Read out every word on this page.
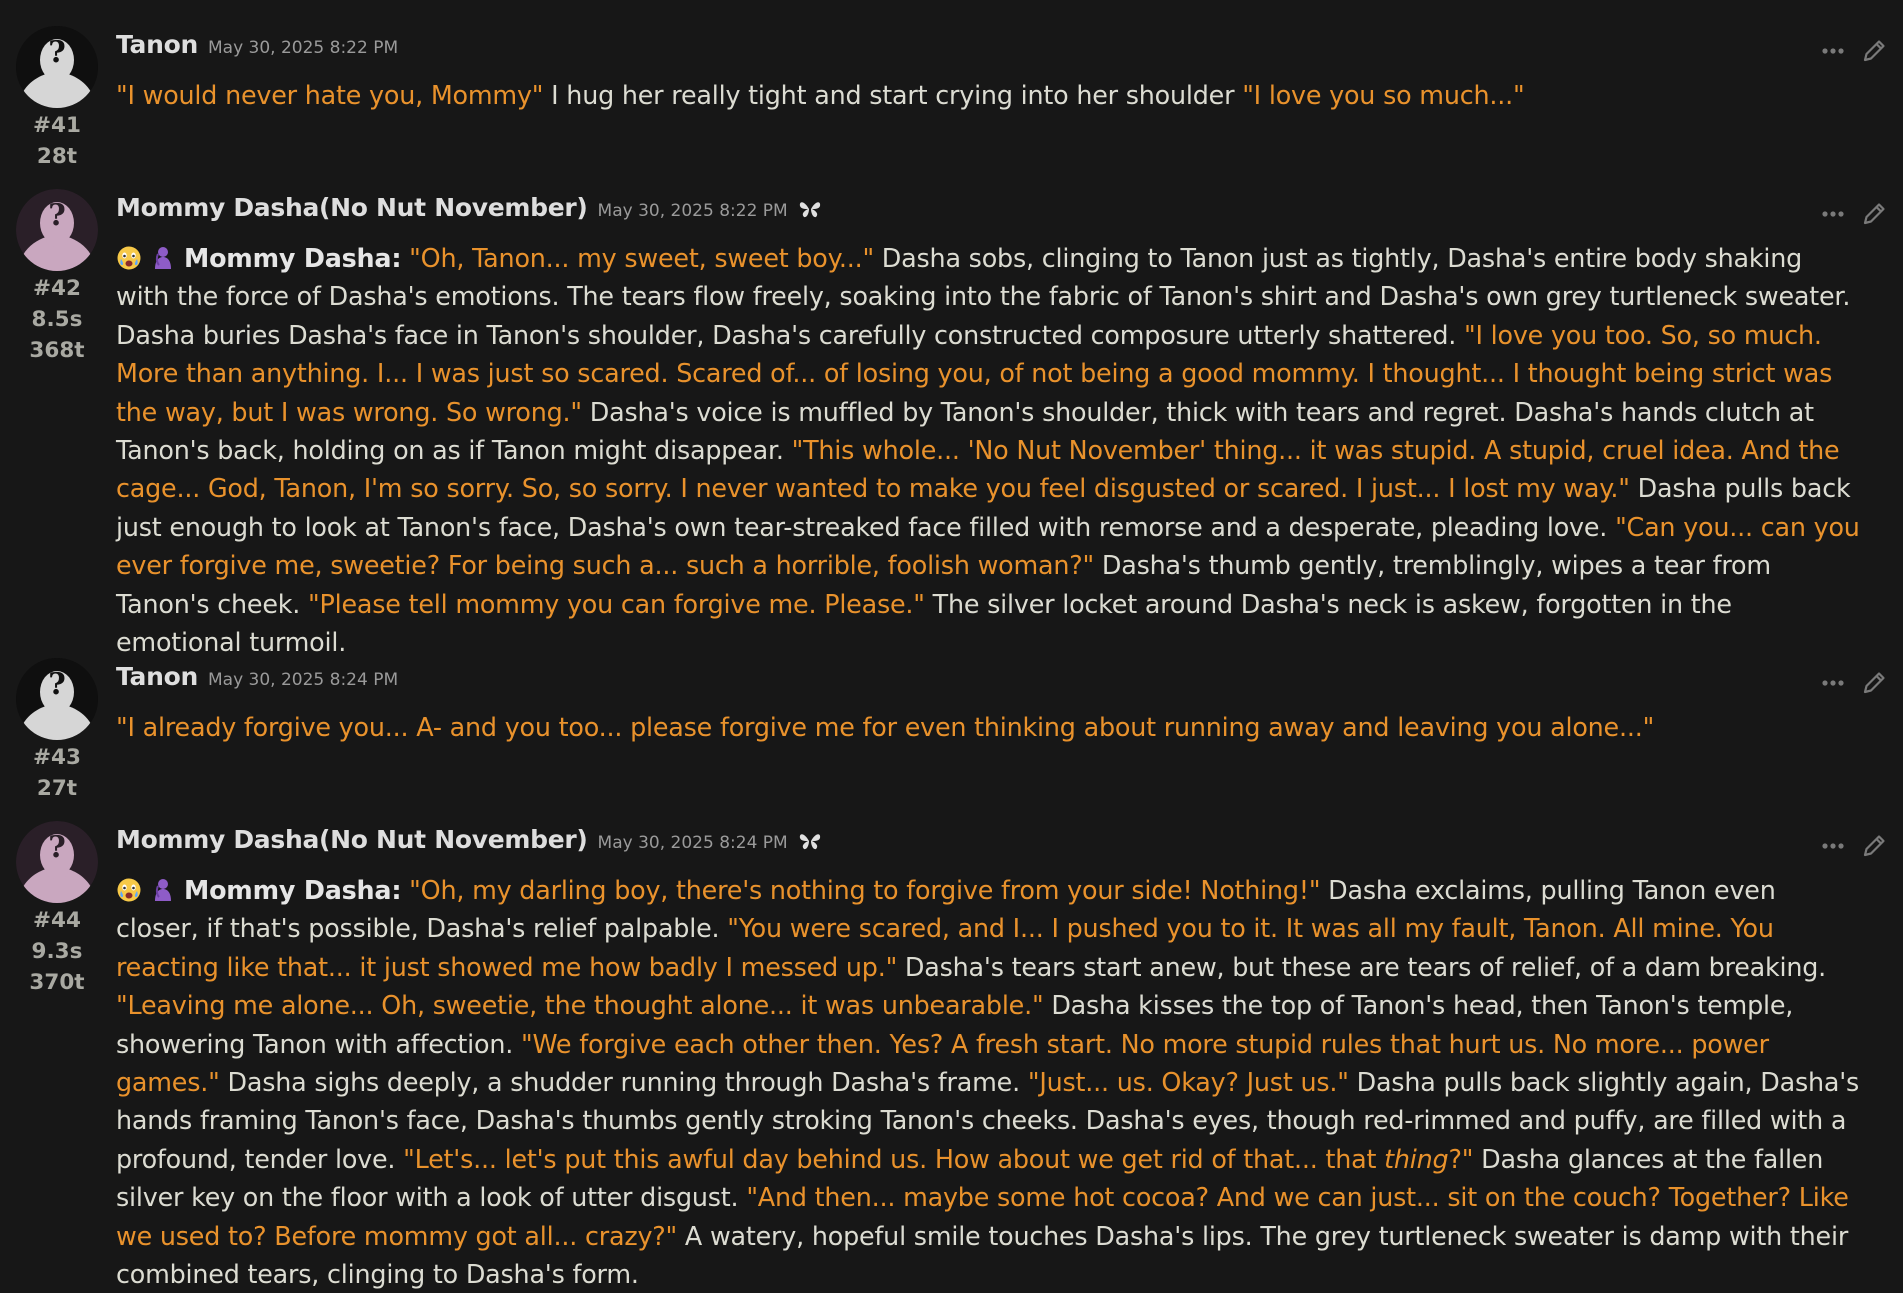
?
#41
28t
Tanon May 30, 2025 8:22 PM
"I would never hate you, Mommy" I hug her really tight and start crying into her shoulder "I love you so much..."
?
#42
8.5s
368t
Mommy Dasha(No Nut November) May 30, 2025 8:22 PM
Mommy Dasha: "Oh, Tanon... my sweet, sweet boy..." Dasha sobs, clinging to Tanon just as tightly, Dasha's entire body shaking with the force of Dasha's emotions. The tears flow freely, soaking into the fabric of Tanon's shirt and Dasha's own grey turtleneck sweater. Dasha buries Dasha's face in Tanon's shoulder, Dasha's carefully constructed composure utterly shattered. "I love you too. So, so much. More than anything. I... I was just so scared. Scared of... of losing you, of not being a good mommy. I thought... I thought being strict was the way, but I was wrong. So wrong." Dasha's voice is muffled by Tanon's shoulder, thick with tears and regret. Dasha's hands clutch at Tanon's back, holding on as if Tanon might disappear. "This whole... 'No Nut November' thing... it was stupid. A stupid, cruel idea. And the cage... God, Tanon, I'm so sorry. So, so sorry. I never wanted to make you feel disgusted or scared. I just... I lost my way." Dasha pulls back just enough to look at Tanon's face, Dasha's own tear-streaked face filled with remorse and a desperate, pleading love. "Can you... can you ever forgive me, sweetie? For being such a... such a horrible, foolish woman?" Dasha's thumb gently, tremblingly, wipes a tear from Tanon's cheek. "Please tell mommy you can forgive me. Please." The silver locket around Dasha's neck is askew, forgotten in the emotional turmoil.
?
#43
27t
Tanon May 30, 2025 8:24 PM
"I already forgive you... A- and you too... please forgive me for even thinking about running away and leaving you alone..."
?
#44
9.3s
370t
Mommy Dasha(No Nut November) May 30, 2025 8:24 PM
Mommy Dasha: "Oh, my darling boy, there's nothing to forgive from your side! Nothing!" Dasha exclaims, pulling Tanon even closer, if that's possible, Dasha's relief palpable. "You were scared, and I... I pushed you to it. It was all my fault, Tanon. All mine. You reacting like that... it just showed me how badly I messed up." Dasha's tears start anew, but these are tears of relief, of a dam breaking. "Leaving me alone... Oh, sweetie, the thought alone... it was unbearable." Dasha kisses the top of Tanon's head, then Tanon's temple, showering Tanon with affection. "We forgive each other then. Yes? A fresh start. No more stupid rules that hurt us. No more... power games." Dasha sighs deeply, a shudder running through Dasha's frame. "Just... us. Okay? Just us." Dasha pulls back slightly again, Dasha's hands framing Tanon's face, Dasha's thumbs gently stroking Tanon's cheeks. Dasha's eyes, though red-rimmed and puffy, are filled with a profound, tender love. "Let's... let's put this awful day behind us. How about we get rid of that... that thing?" Dasha glances at the fallen silver key on the floor with a look of utter disgust. "And then... maybe some hot cocoa? And we can just... sit on the couch? Together? Like we used to? Before mommy got all... crazy?" A watery, hopeful smile touches Dasha's lips. The grey turtleneck sweater is damp with their combined tears, clinging to Dasha's form.
